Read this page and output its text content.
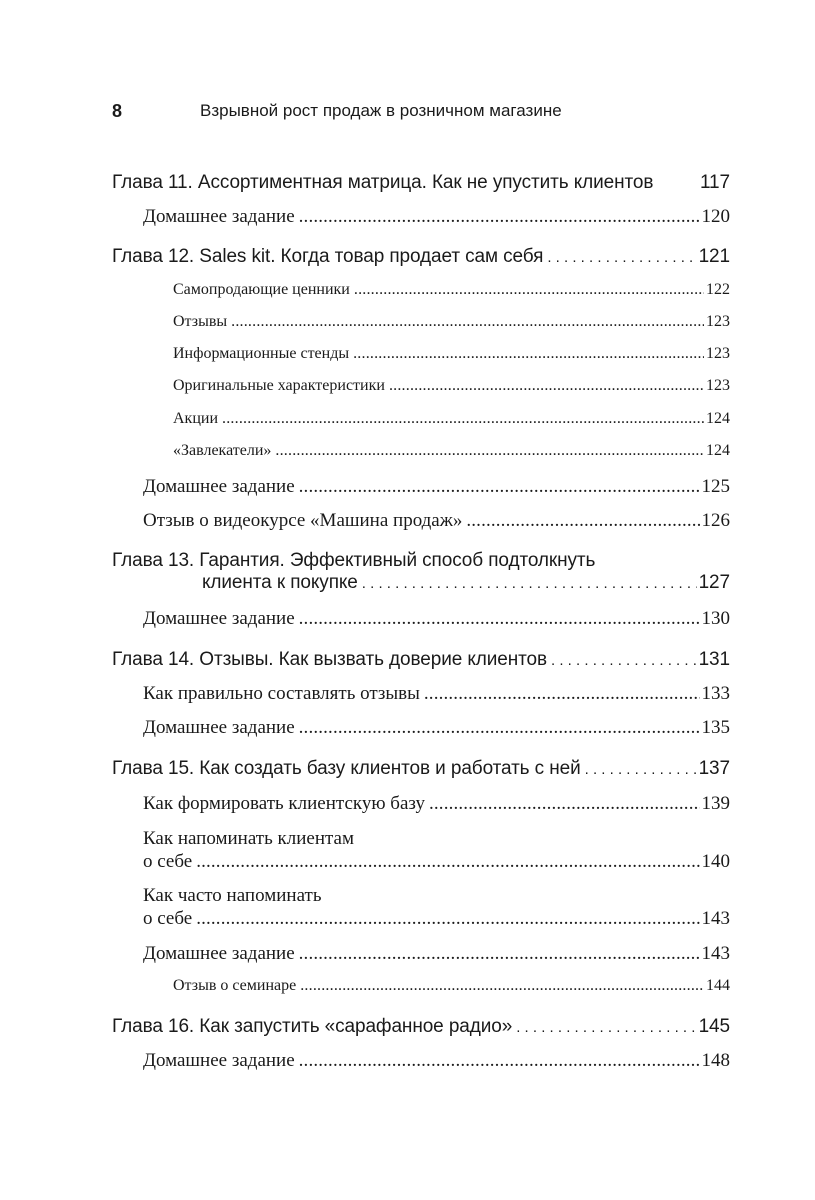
8	Взрывной рост продаж в розничном магазине
Глава 11. Ассортиментная матрица. Как не упустить клиентов 117
Домашнее задание . . .	120
Глава 12. Sales kit. Когда товар продает сам себя . . .	121
Самопродающие ценники . . .	122
Отзывы . . .	123
Информационные стенды . . .	123
Оригинальные характеристики . . .	123
Акции . . .	124
«Завлекатели» . . .	124
Домашнее задание . . .	125
Отзыв о видеокурсе «Машина продаж» . . .	126
Глава 13. Гарантия. Эффективный способ подтолкнуть
клиента к покупке . . .	127
Домашнее задание . . .	130
Глава 14. Отзывы. Как вызвать доверие клиентов . . .	131
Как правильно составлять отзывы . . .	133
Домашнее задание . . .	135
Глава 15. Как создать базу клиентов и работать с ней . . .	137
Как формировать клиентскую базу . . .	139
Как напоминать клиентам
о себе . . .	140
Как часто напоминать
о себе . . .	143
Домашнее задание . . .	143
Отзыв о семинаре . . .	144
Глава 16. Как запустить «сарафанное радио» . . .	145
Домашнее задание . . .	148
